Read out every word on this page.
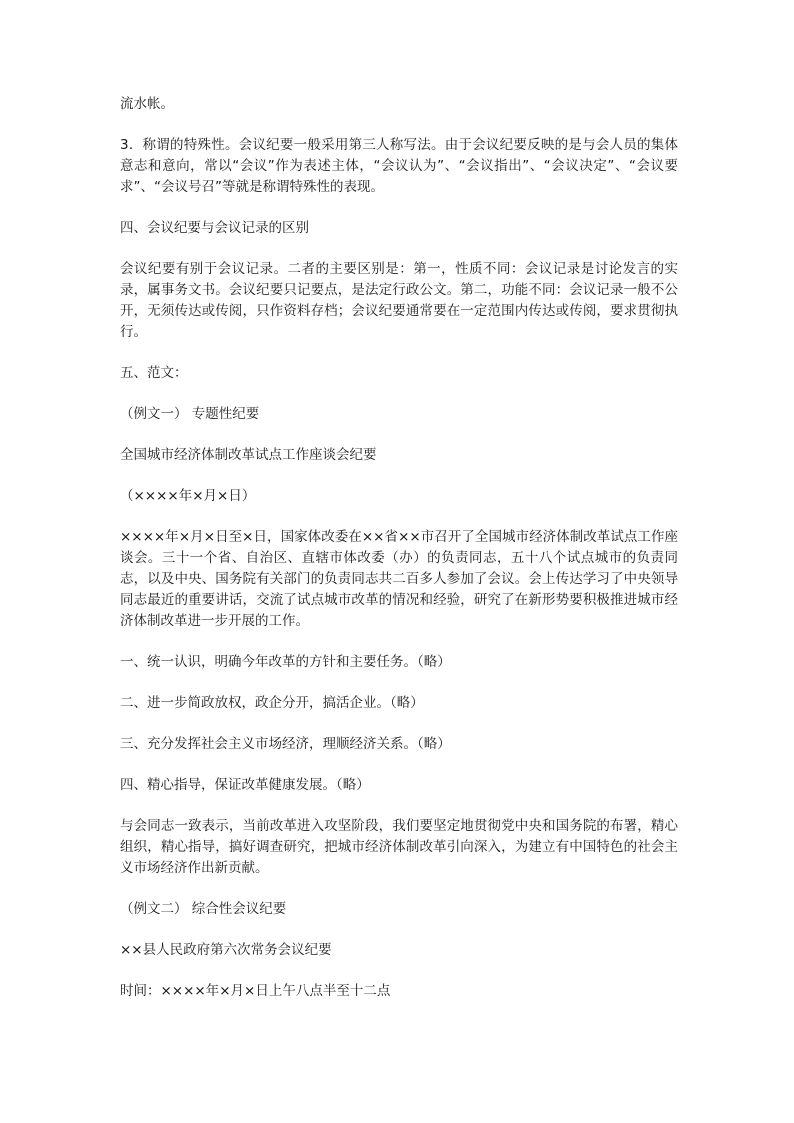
流水帐。

3．称谓的特殊性。会议纪要一般采用第三人称写法。由于会议纪要反映的是与会人员的集体意志和意向，常以“会议”作为表述主体，“会议认为”、“会议指出”、“会议决定”、“会议要求”、“会议号召”等就是称谓特殊性的表现。

四、会议纪要与会议记录的区别

会议纪要有别于会议记录。二者的主要区别是：第一，性质不同：会议记录是讨论发言的实录，属事务文书。会议纪要只记要点，是法定行政公文。第二，功能不同：会议记录一般不公开，无须传达或传阅，只作资料存档；会议纪要通常要在一定范围内传达或传阅，要求贯彻执行。

五、范文：

（例文一） 专题性纪要

全国城市经济体制改革试点工作座谈会纪要

（××××年×月×日）

××××年×月×日至×日，国家体改委在××省××市召开了全国城市经济体制改革试点工作座谈会。三十一个省、自治区、直辖市体改委（办）的负责同志，五十八个试点城市的负责同志，以及中央、国务院有关部门的负责同志共二百多人参加了会议。会上传达学习了中央领导同志最近的重要讲话，交流了试点城市改革的情况和经验，研究了在新形势要积极推进城市经济体制改革进一步开展的工作。

一、统一认识，明确今年改革的方针和主要任务。（略）

二、进一步简政放权，政企分开，搞活企业。（略）

三、充分发挥社会主义市场经济，理顺经济关系。（略）

四、精心指导，保证改革健康发展。（略）

与会同志一致表示，当前改革进入攻坚阶段，我们要坚定地贯彻党中央和国务院的布署，精心组织，精心指导，搞好调查研究，把城市经济体制改革引向深入，为建立有中国特色的社会主义市场经济作出新贡献。

（例文二） 综合性会议纪要

××县人民政府第六次常务会议纪要

时间：××××年×月×日上午八点半至十二点
